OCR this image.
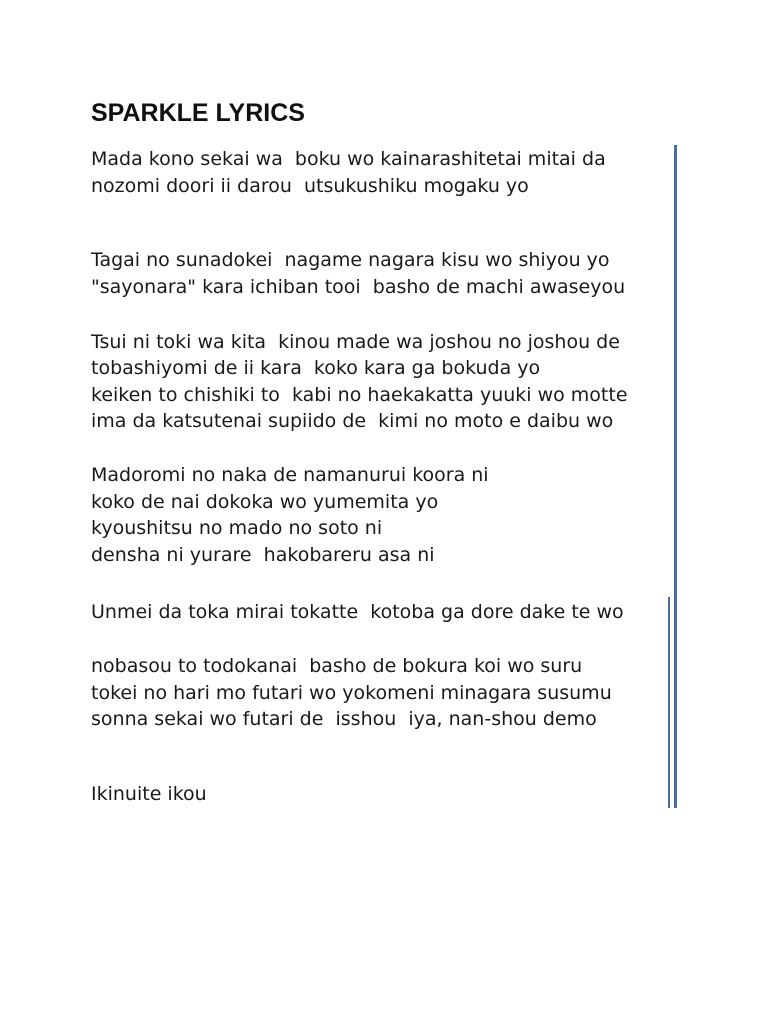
SPARKLE LYRICS

Mada kono sekai wa  boku wo kainarashitetai mitai da

nozomi doori ii darou  utsukushiku mogaku yo

Tagai no sunadokei  nagame nagara kisu wo shiyou yo

"sayonara" kara ichiban tooi  basho de machi awaseyou

Tsui ni toki wa kita  kinou made wa joshou no joshou de

tobashiyomi de ii kara  koko kara ga bokuda yo

keiken to chishiki to  kabi no haekakatta yuuki wo motte

ima da katsutenai supiido de  kimi no moto e daibu wo

Madoromi no naka de namanurui koora ni

koko de nai dokoka wo yumemita yo

kyoushitsu no mado no soto ni

densha ni yurare  hakobareru asa ni

Unmei da toka mirai tokatte  kotoba ga dore dake te wo

nobasou to todokanai  basho de bokura koi wo suru

tokei no hari mo futari wo yokomeni minagara susumu

sonna sekai wo futari de  isshou  iya, nan-shou demo

Ikinuite ikou
